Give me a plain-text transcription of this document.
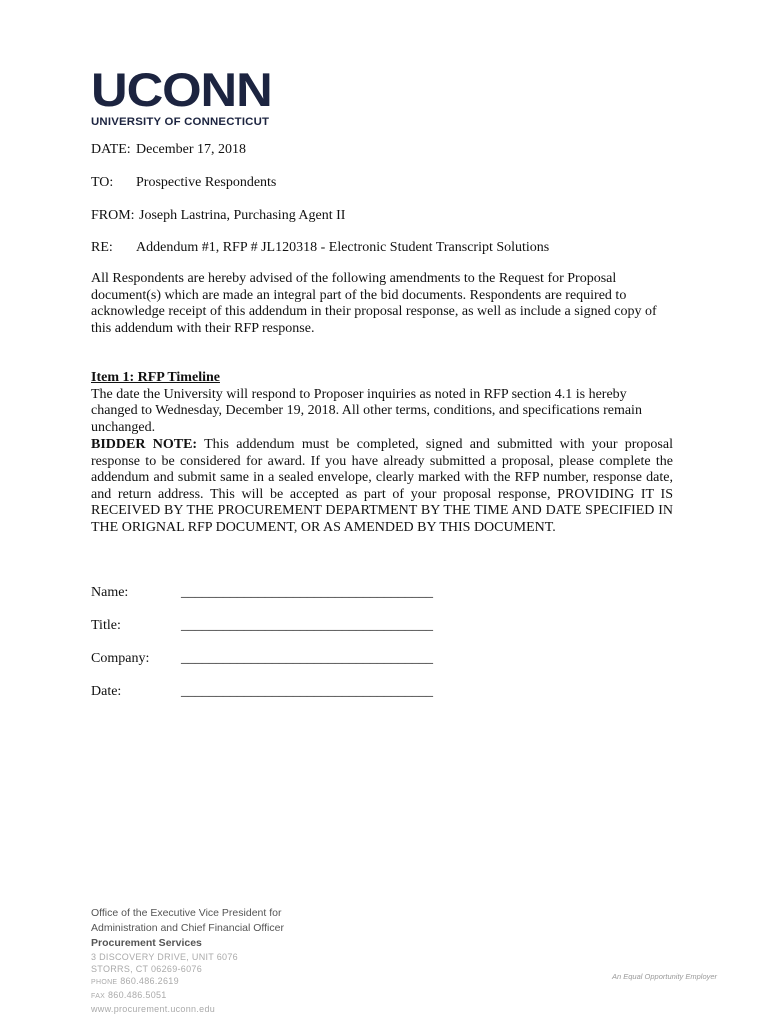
UCONN
UNIVERSITY OF CONNECTICUT
DATE: December 17, 2018
TO: Prospective Respondents
FROM: Joseph Lastrina, Purchasing Agent II
RE: Addendum #1, RFP # JL120318 - Electronic Student Transcript Solutions
All Respondents are hereby advised of the following amendments to the Request for Proposal document(s) which are made an integral part of the bid documents. Respondents are required to acknowledge receipt of this addendum in their proposal response, as well as include a signed copy of this addendum with their RFP response.
Item 1: RFP Timeline
The date the University will respond to Proposer inquiries as noted in RFP section 4.1 is hereby changed to Wednesday, December 19, 2018. All other terms, conditions, and specifications remain unchanged.
BIDDER NOTE: This addendum must be completed, signed and submitted with your proposal response to be considered for award. If you have already submitted a proposal, please complete the addendum and submit same in a sealed envelope, clearly marked with the RFP number, response date, and return address. This will be accepted as part of your proposal response, PROVIDING IT IS RECEIVED BY THE PROCUREMENT DEPARTMENT BY THE TIME AND DATE SPECIFIED IN THE ORIGNAL RFP DOCUMENT, OR AS AMENDED BY THIS DOCUMENT.
Name:	____________________________________
Title:	____________________________________
Company: ____________________________________
Date:	____________________________________
Office of the Executive Vice President for
Administration and Chief Financial Officer
Procurement Services
3 DISCOVERY DRIVE, UNIT 6076
STORRS, CT 06269-6076
PHONE 860.486.2619
FAX 860.486.5051
www.procurement.uconn.edu
An Equal Opportunity Employer
